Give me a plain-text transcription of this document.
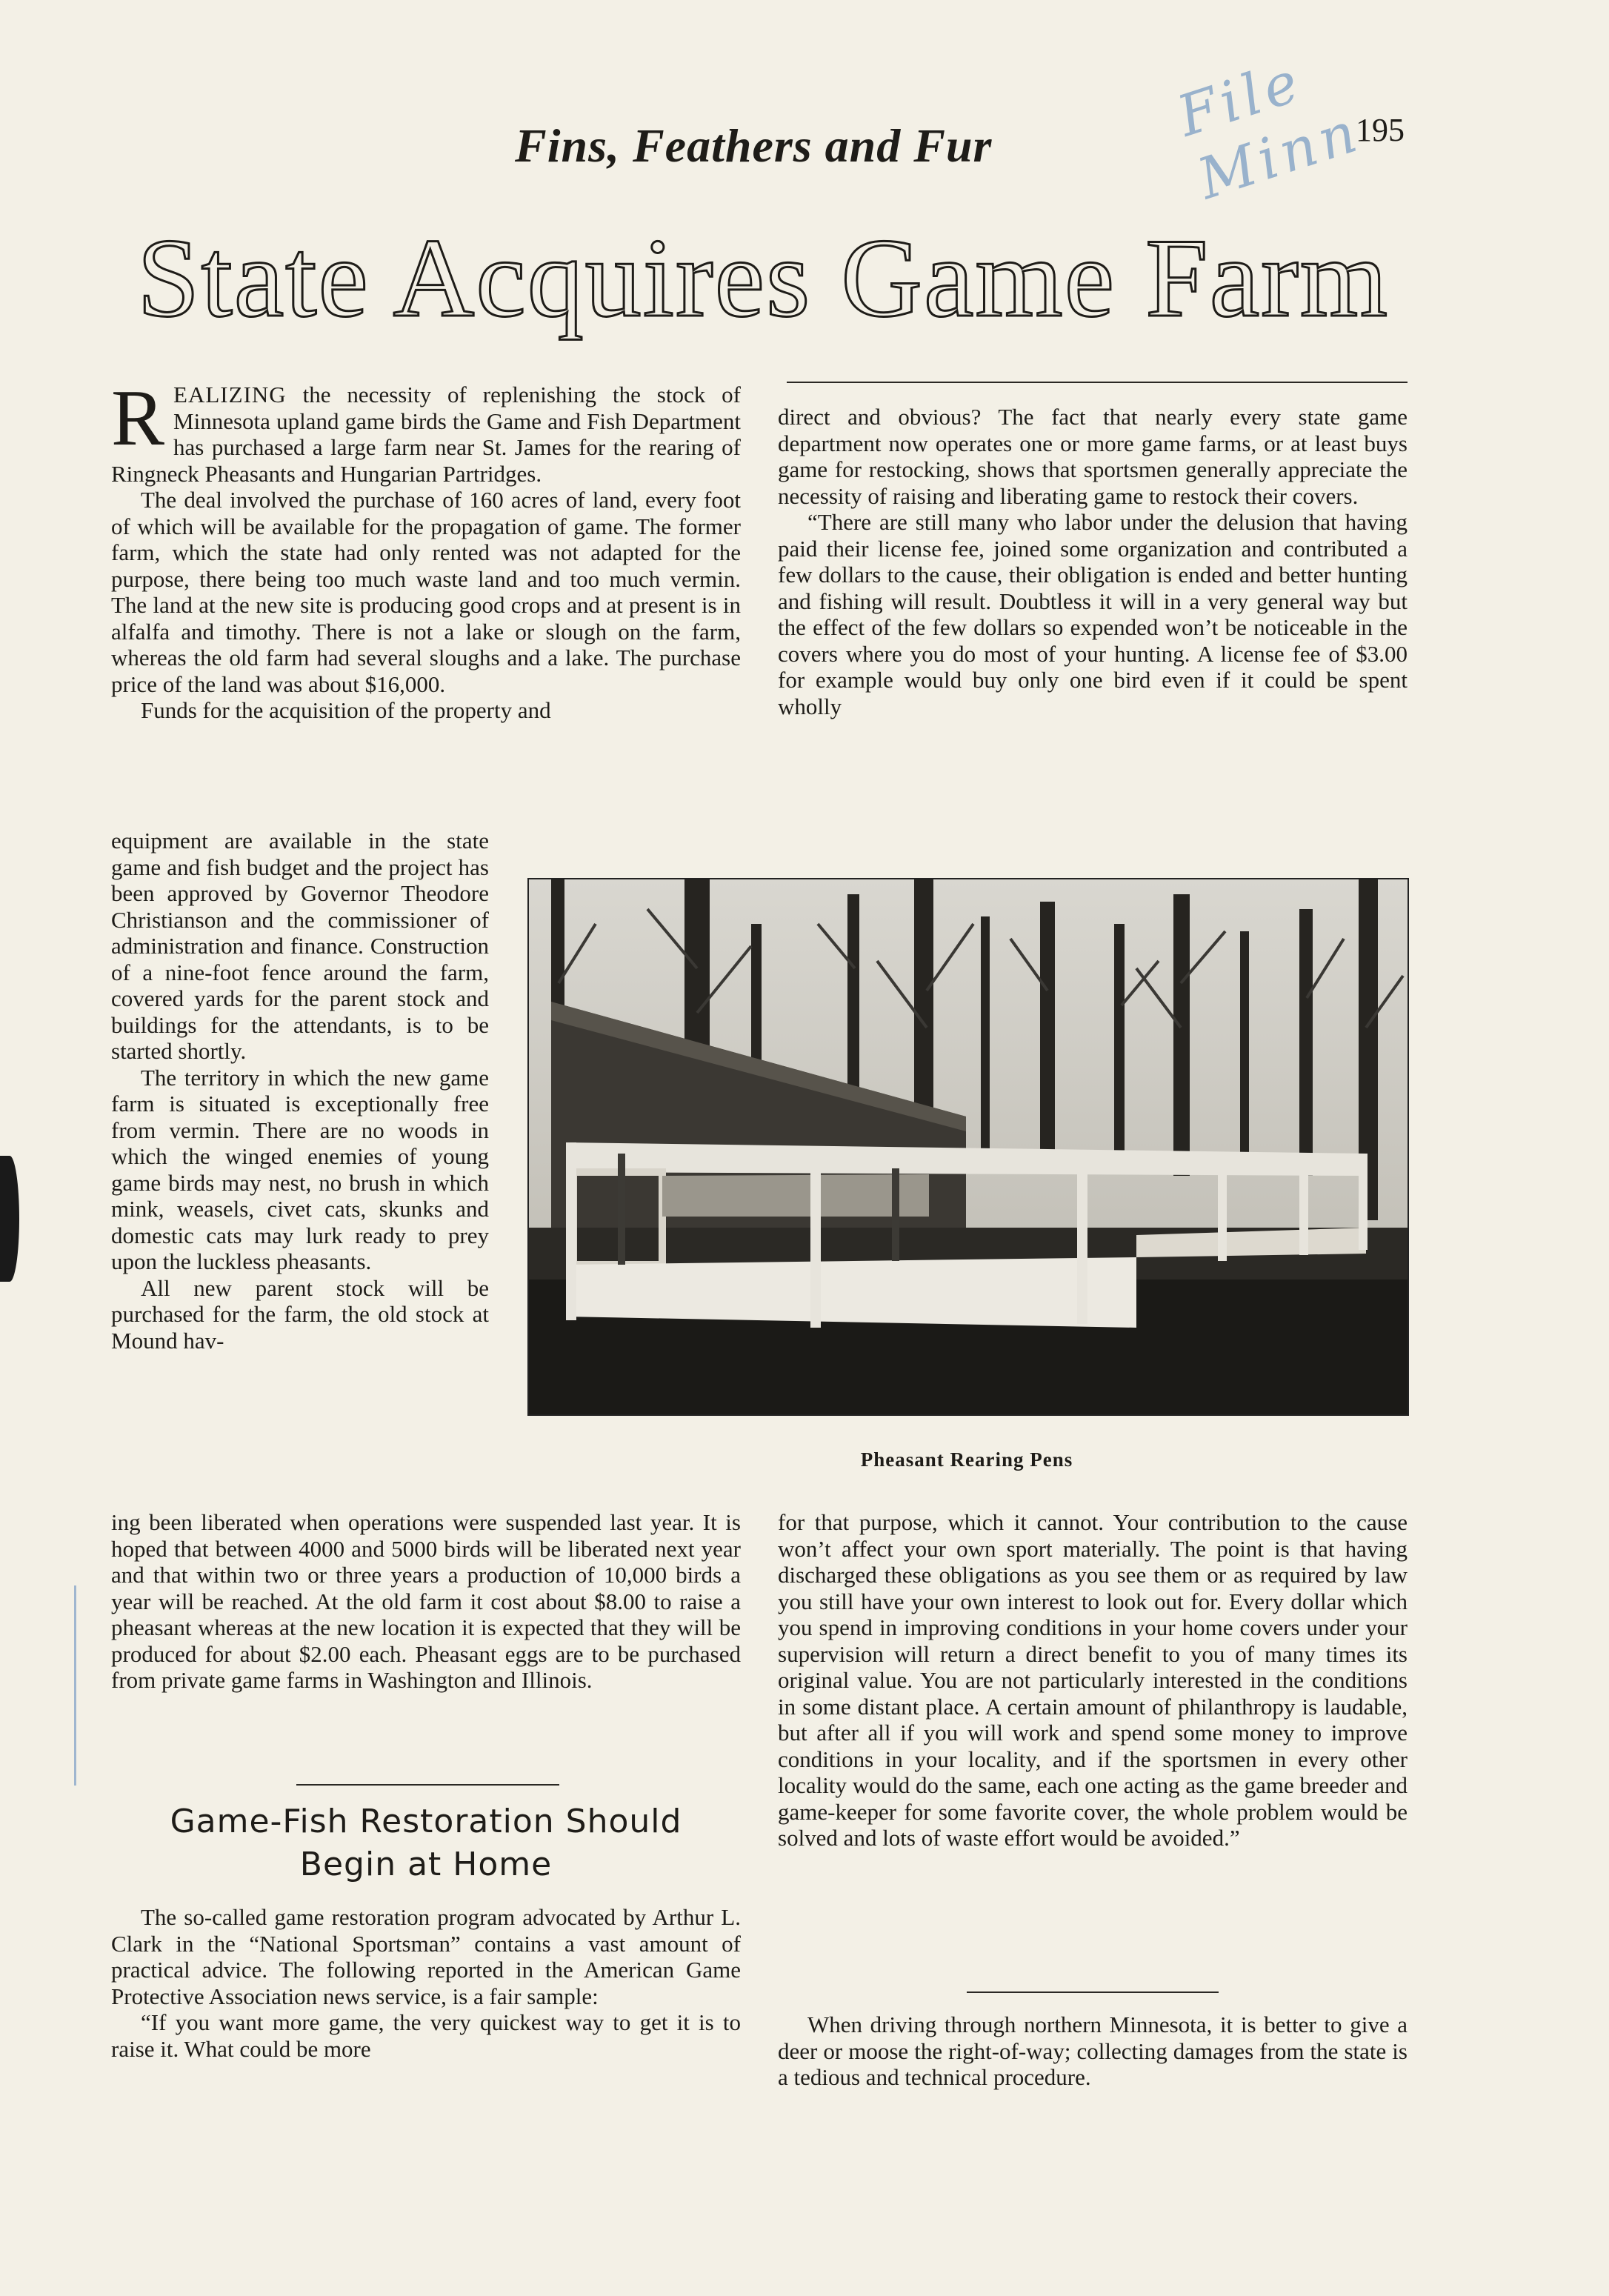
File Minn
195
Fins, Feathers and Fur
State Acquires Game Farm

REALIZING the necessity of replenishing the stock of Minnesota upland game birds the Game and Fish Department has purchased a large farm near St. James for the rearing of Ringneck Pheasants and Hungarian Partridges.

The deal involved the purchase of 160 acres of land, every foot of which will be available for the propagation of game. The former farm, which the state had only rented was not adapted for the purpose, there being too much waste land and too much vermin. The land at the new site is producing good crops and at present is in alfalfa and timothy. There is not a lake or slough on the farm, whereas the old farm had several sloughs and a lake. The purchase price of the land was about $16,000.

Funds for the acquisition of the property and

equipment are available in the state game and fish budget and the project has been approved by Governor Theodore Christianson and the commissioner of administration and finance. Construction of a nine-foot fence around the farm, covered yards for the parent stock and buildings for the attendants, is to be started shortly.

The territory in which the new game farm is situated is exceptionally free from vermin. There are no woods in which the winged enemies of young game birds may nest, no brush in which mink, weasels, civet cats, skunks and domestic cats may lurk ready to prey upon the luckless pheasants.

All new parent stock will be purchased for the farm, the old stock at Mound hav-

ing been liberated when operations were suspended last year. It is hoped that between 4000 and 5000 birds will be liberated next year and that within two or three years a production of 10,000 birds a year will be reached. At the old farm it cost about $8.00 to raise a pheasant whereas at the new location it is expected that they will be produced for about $2.00 each. Pheasant eggs are to be purchased from private game farms in Washington and Illinois.

Game-Fish Restoration Should
Begin at Home

The so-called game restoration program advocated by Arthur L. Clark in the “National Sportsman” contains a vast amount of practical advice. The following reported in the American Game Protective Association news service, is a fair sample:

“If you want more game, the very quickest way to get it is to raise it. What could be more

direct and obvious? The fact that nearly every state game department now operates one or more game farms, or at least buys game for restocking, shows that sportsmen generally appreciate the necessity of raising and liberating game to restock their covers.

“There are still many who labor under the delusion that having paid their license fee, joined some organization and contributed a few dollars to the cause, their obligation is ended and better hunting and fishing will result. Doubtless it will in a very general way but the effect of the few dollars so expended won’t be noticeable in the covers where you do most of your hunting. A license fee of $3.00 for example would buy only one bird even if it could be spent wholly

Pheasant Rearing Pens

for that purpose, which it cannot. Your contribution to the cause won’t affect your own sport materially. The point is that having discharged these obligations as you see them or as required by law you still have your own interest to look out for. Every dollar which you spend in improving conditions in your home covers under your supervision will return a direct benefit to you of many times its original value. You are not particularly interested in the conditions in some distant place. A certain amount of philanthropy is laudable, but after all if you will work and spend some money to improve conditions in your locality, and if the sportsmen in every other locality would do the same, each one acting as the game breeder and game-keeper for some favorite cover, the whole problem would be solved and lots of waste effort would be avoided.”

When driving through northern Minnesota, it is better to give a deer or moose the right-of-way; collecting damages from the state is a tedious and technical procedure.
